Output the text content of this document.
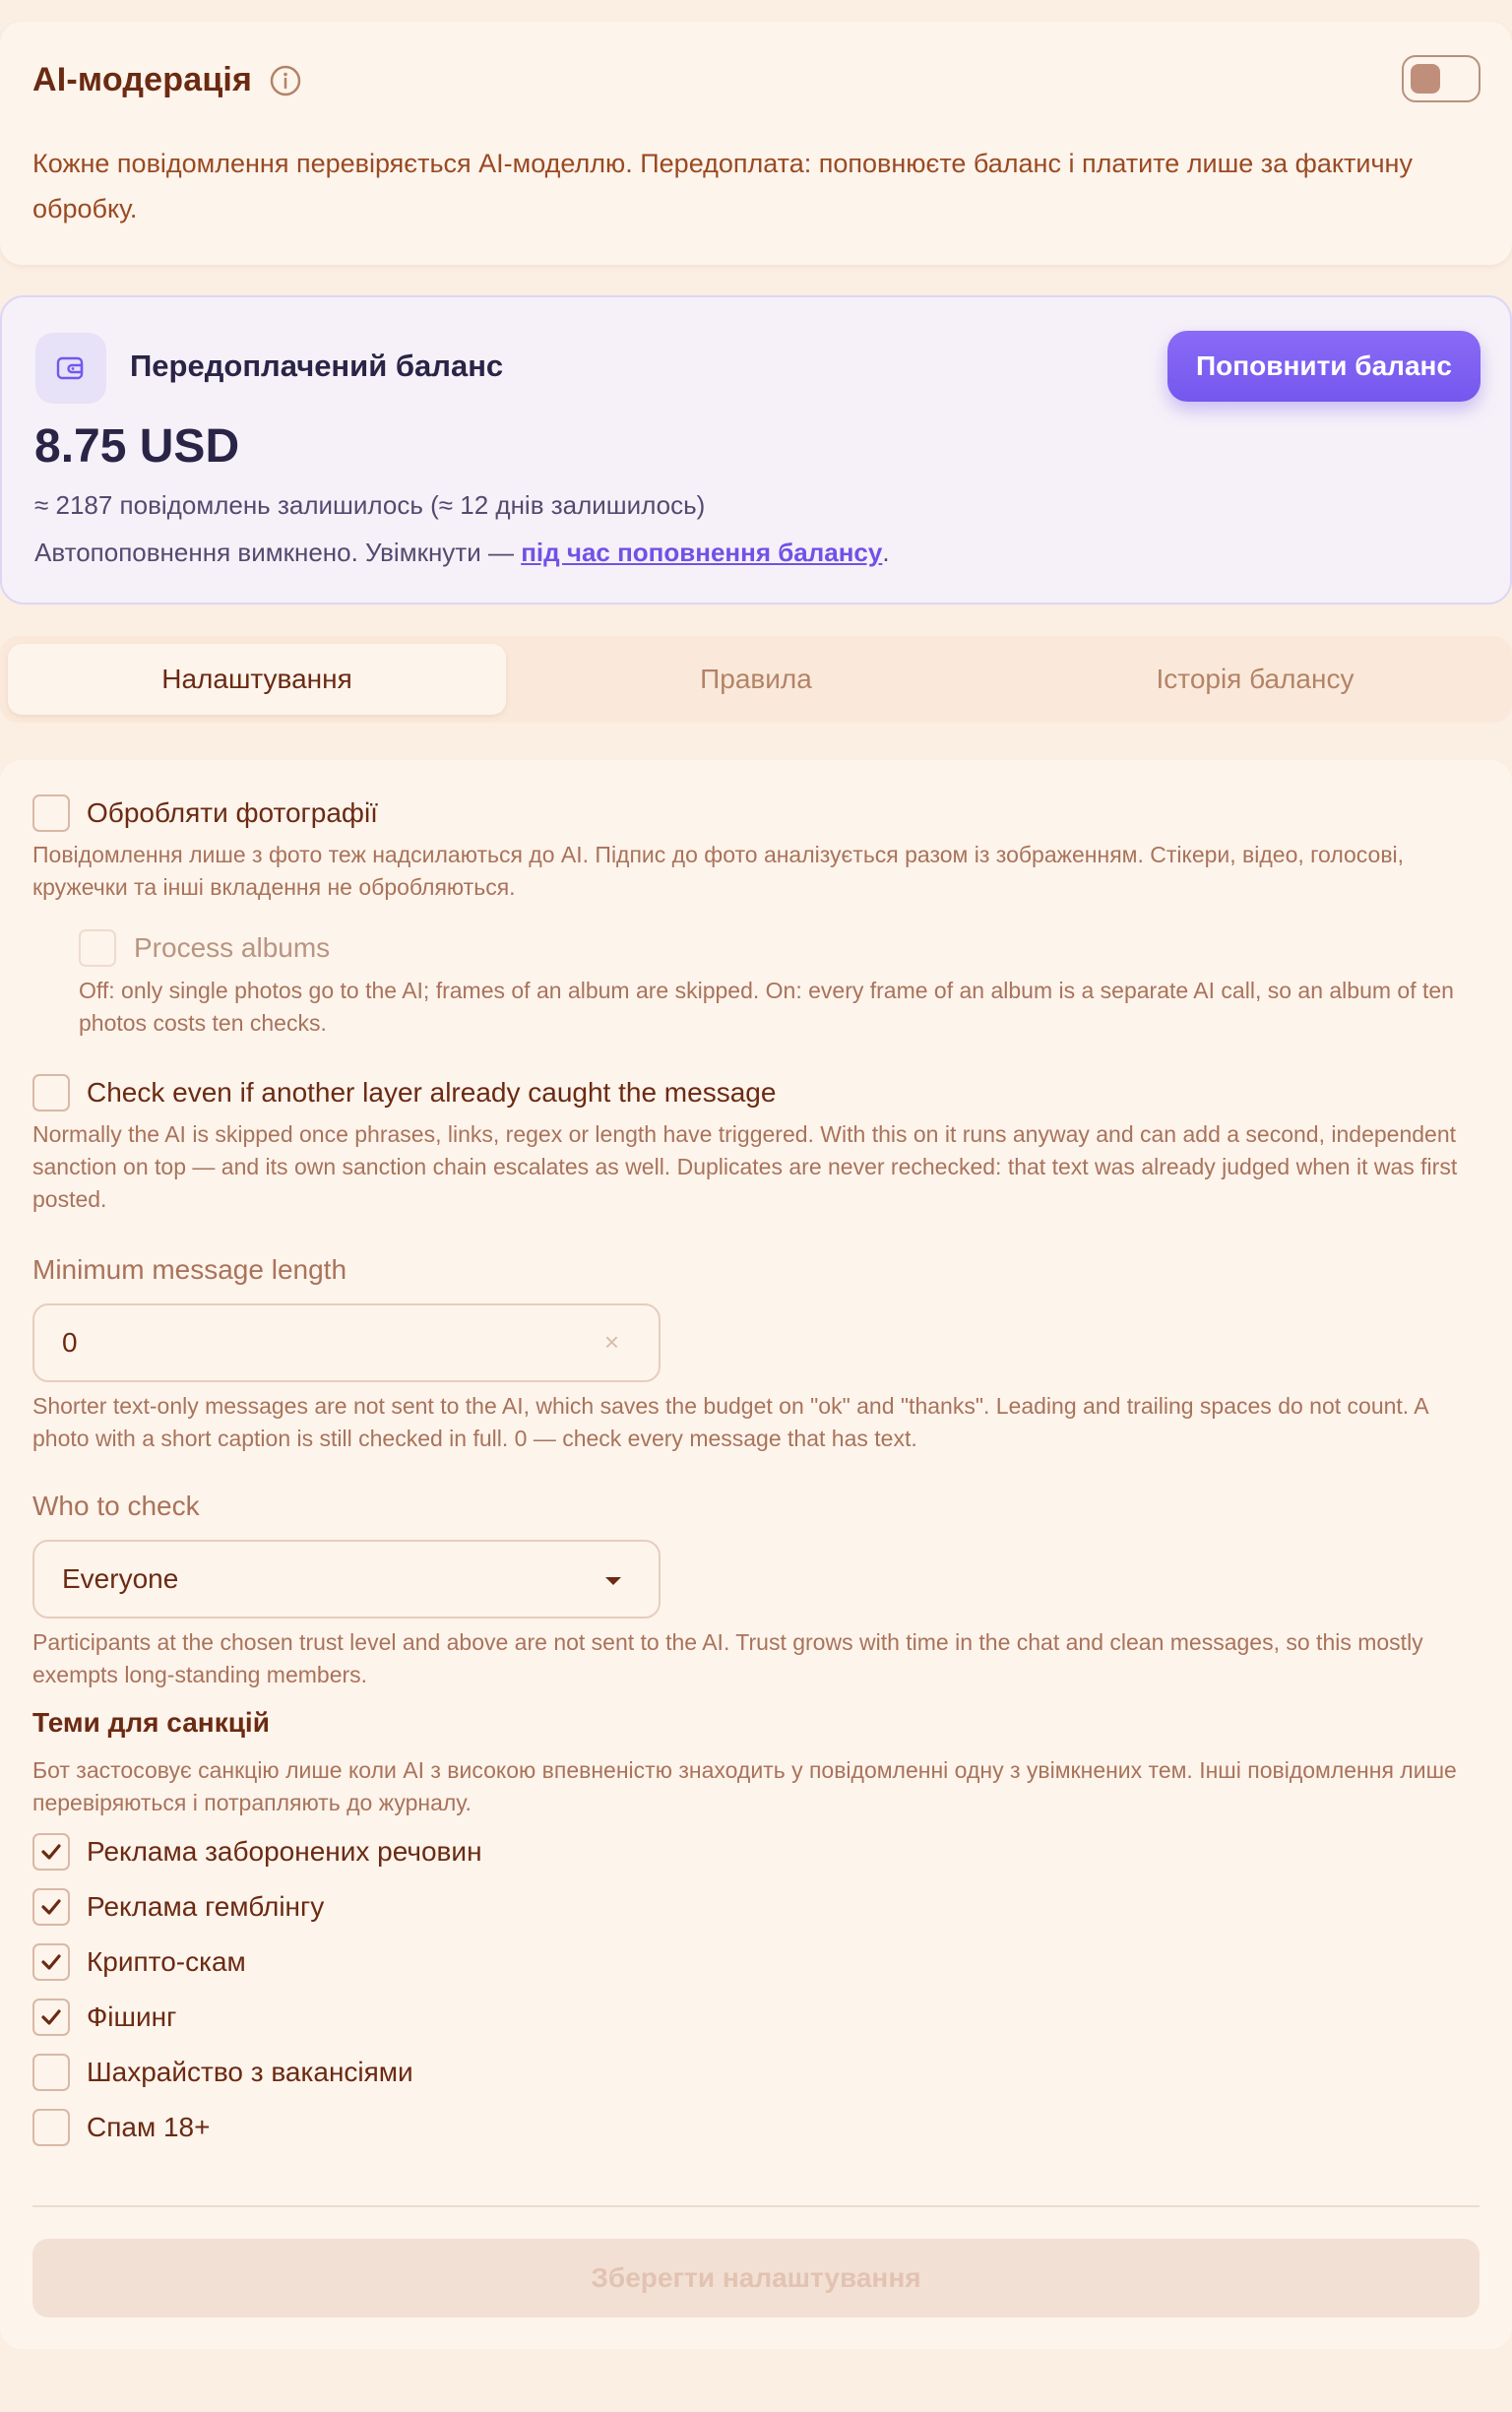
AI-модерація
Кожне повідомлення перевіряється AI-моделлю. Передоплата: поповнюєте баланс і платите лише за фактичну обробку.
Передоплачений баланс	Поповнити баланс
8.75 USD
≈ 2187 повідомлень залишилось (≈ 12 днів залишилось)
Автопоповнення вимкнено. Увімкнути — під час поповнення балансу.
Налаштування	Правила	Історія балансу
Обробляти фотографії
Повідомлення лише з фото теж надсилаються до AI. Підпис до фото аналізується разом із зображенням. Стікери, відео, голосові, кружечки та інші вкладення не обробляються.
Process albums
Off: only single photos go to the AI; frames of an album are skipped. On: every frame of an album is a separate AI call, so an album of ten photos costs ten checks.
Check even if another layer already caught the message
Normally the AI is skipped once phrases, links, regex or length have triggered. With this on it runs anyway and can add a second, independent sanction on top — and its own sanction chain escalates as well. Duplicates are never rechecked: that text was already judged when it was first posted.
Minimum message length
0	×
Shorter text-only messages are not sent to the AI, which saves the budget on "ok" and "thanks". Leading and trailing spaces do not count. A photo with a short caption is still checked in full. 0 — check every message that has text.
Who to check
Everyone
Participants at the chosen trust level and above are not sent to the AI. Trust grows with time in the chat and clean messages, so this mostly exempts long-standing members.
Теми для санкцій
Бот застосовує санкцію лише коли AI з високою впевненістю знаходить у повідомленні одну з увімкнених тем. Інші повідомлення лише перевіряються і потрапляють до журналу.
Реклама заборонених речовин
Реклама гемблінгу
Крипто-скам
Фішинг
Шахрайство з вакансіями
Спам 18+
Зберегти налаштування
